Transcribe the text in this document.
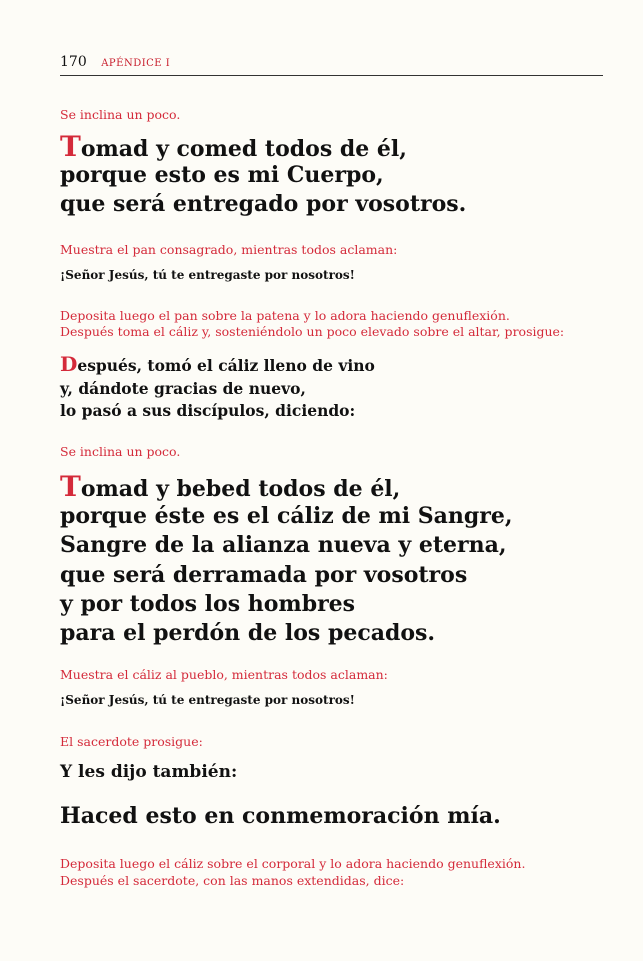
170 APÉNDICE I
Se inclina un poco.
Tomad y comed todos de él,
porque esto es mi Cuerpo,
que será entregado por vosotros.
Muestra el pan consagrado, mientras todos aclaman:
¡Señor Jesús, tú te entregaste por nosotros!
Deposita luego el pan sobre la patena y lo adora haciendo genuflexión.
Después toma el cáliz y, sosteniéndolo un poco elevado sobre el altar, prosigue:
Después, tomó el cáliz lleno de vino
y, dándote gracias de nuevo,
lo pasó a sus discípulos, diciendo:
Se inclina un poco.
Tomad y bebed todos de él,
porque éste es el cáliz de mi Sangre,
Sangre de la alianza nueva y eterna,
que será derramada por vosotros
y por todos los hombres
para el perdón de los pecados.
Muestra el cáliz al pueblo, mientras todos aclaman:
¡Señor Jesús, tú te entregaste por nosotros!
El sacerdote prosigue:
Y les dijo también:
Haced esto en conmemoración mía.
Deposita luego el cáliz sobre el corporal y lo adora haciendo genuflexión.
Después el sacerdote, con las manos extendidas, dice:
